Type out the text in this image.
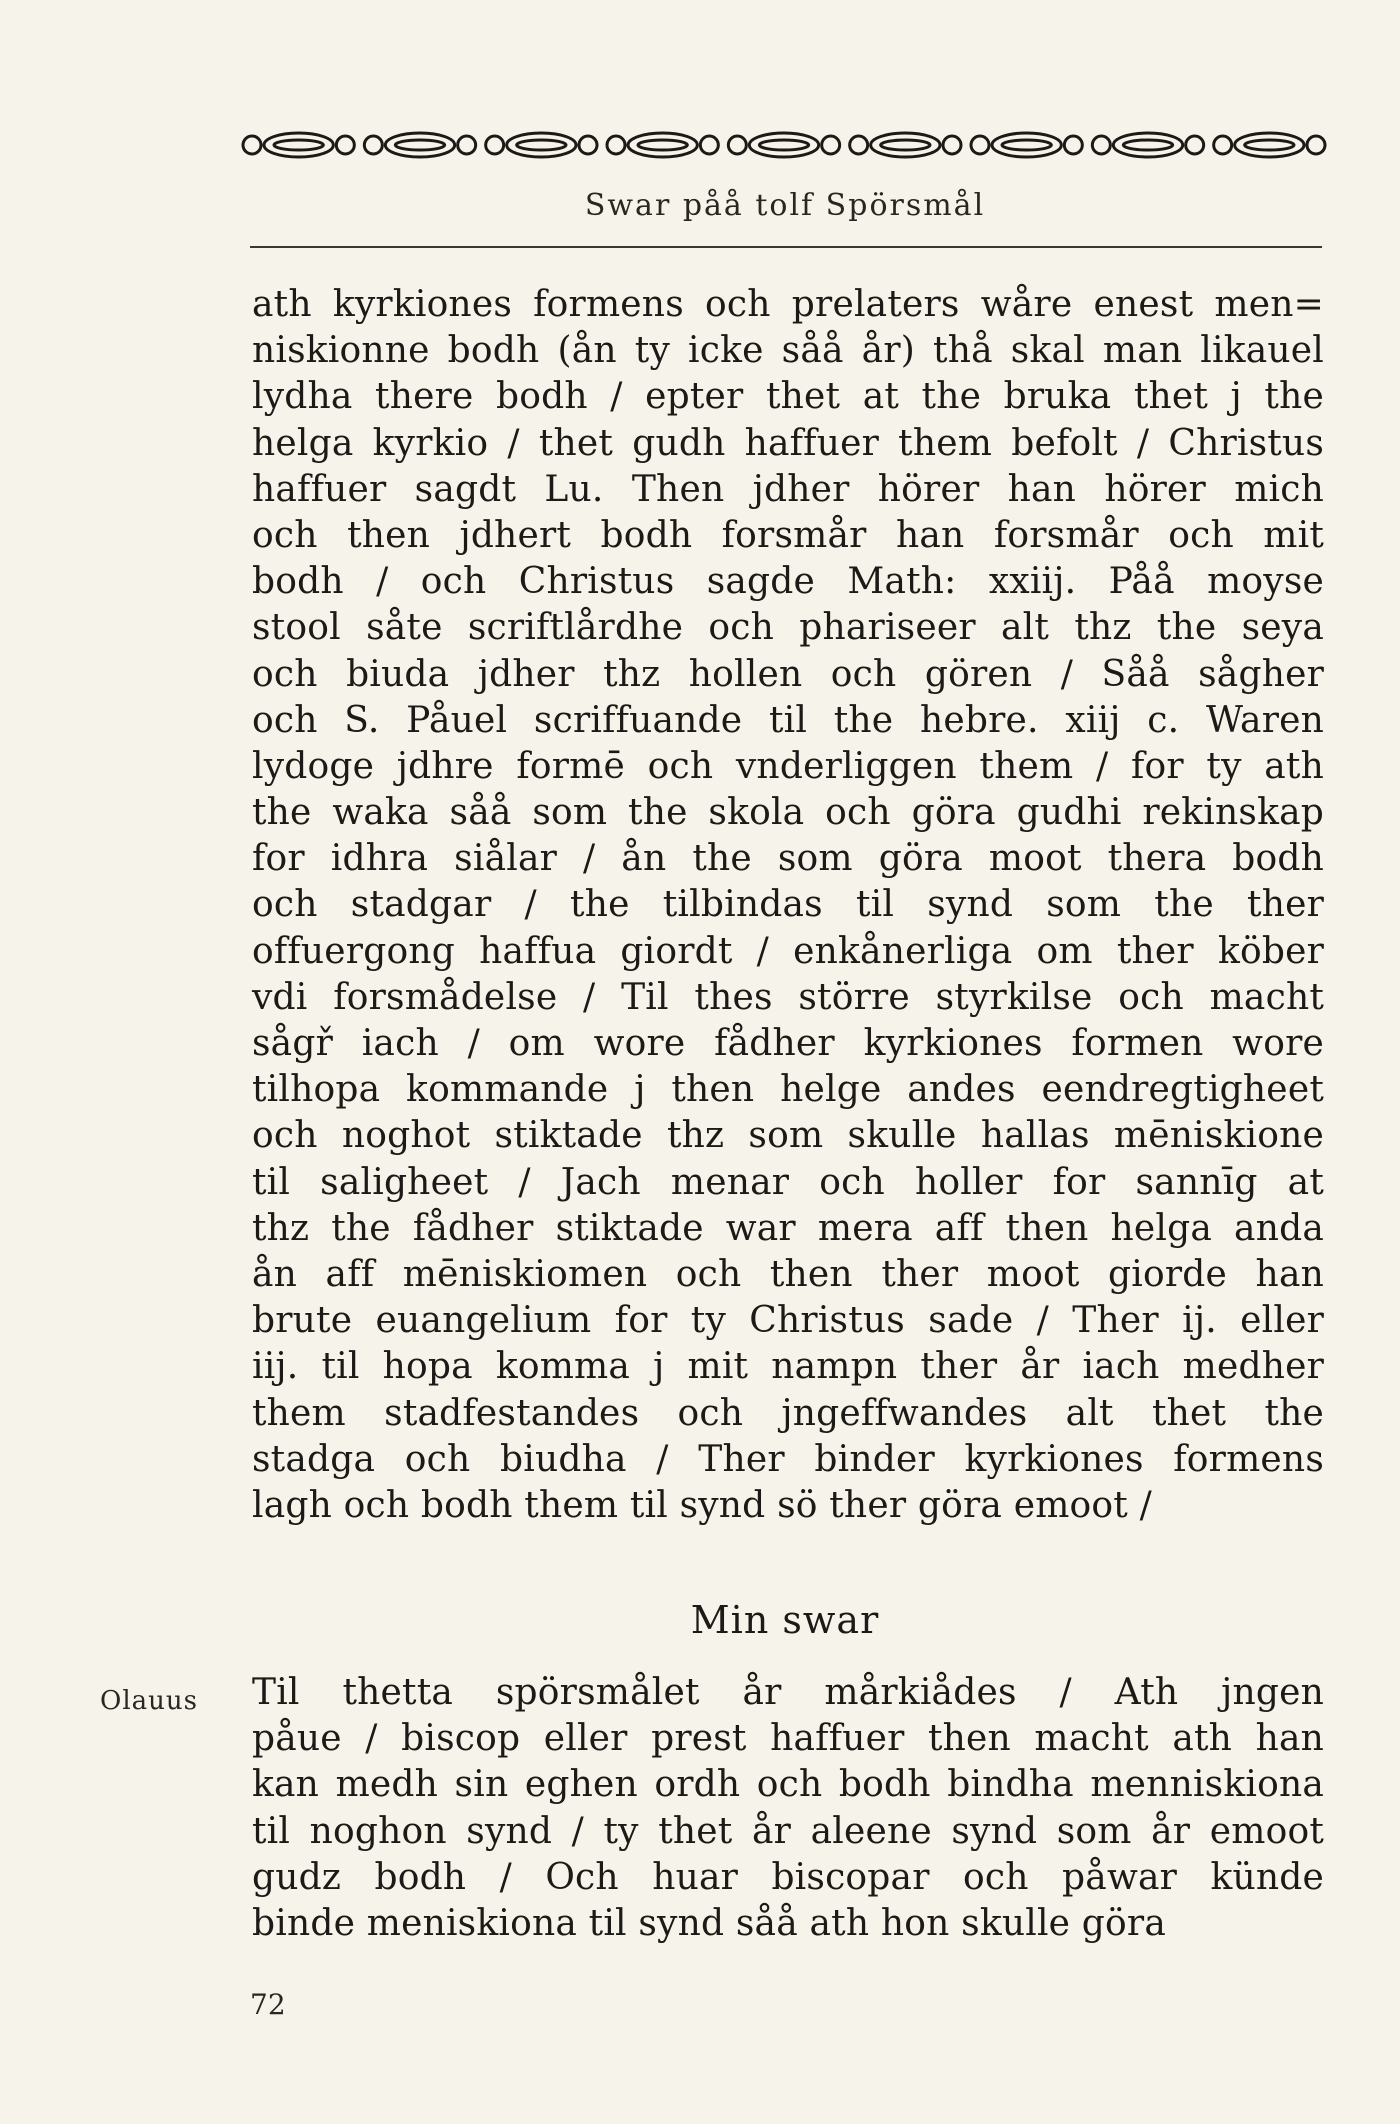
Swar påå tolf Spörsmål
ath kyrkiones formens och prelaters wåre enest men=
niskionne bodh (ån ty icke såå år) thå skal man likauel
lydha there bodh / epter thet at the bruka thet j the
helga kyrkio / thet gudh haffuer them befolt / Christus
haffuer sagdt Lu. Then jdher hörer han hörer mich
och then jdhert bodh forsmår han forsmår och mit
bodh / och Christus sagde Math: xxiij. Påå moyse
stool såte scriftlårdhe och phariseer alt thz the seya
och biuda jdher thz hollen och gören / Såå sågher
och S. Påuel scriffuande til the hebre. xiij c. Waren
lydoge jdhre formē och vnderliggen them / for ty ath
the waka såå som the skola och göra gudhi rekinskap
for idhra siålar / ån the som göra moot thera bodh
och stadgar / the tilbindas til synd som the ther
offuergong haffua giordt / enkånerliga om ther köber
vdi forsmådelse / Til thes större styrkilse och macht
sågř iach / om wore fådher kyrkiones formen wore
tilhopa kommande j then helge andes eendregtigheet
och noghot stiktade thz som skulle hallas mēniskione
til saligheet / Jach menar och holler for sannīg at
thz the fådher stiktade war mera aff then helga anda
ån aff mēniskiomen och then ther moot giorde han
brute euangelium for ty Christus sade / Ther ij. eller
iij. til hopa komma j mit nampn ther år iach medher
them stadfestandes och jngeffwandes alt thet the
stadga och biudha / Ther binder kyrkiones formens
lagh och bodh them til synd sö ther göra emoot /
Min swar
Olauus Til thetta spörsmålet år mårkiådes / Ath jngen
påue / biscop eller prest haffuer then macht ath han
kan medh sin eghen ordh och bodh bindha menniskiona
til noghon synd / ty thet år aleene synd som år emoot
gudz bodh / Och huar biscopar och påwar künde
binde meniskiona til synd såå ath hon skulle göra
72
